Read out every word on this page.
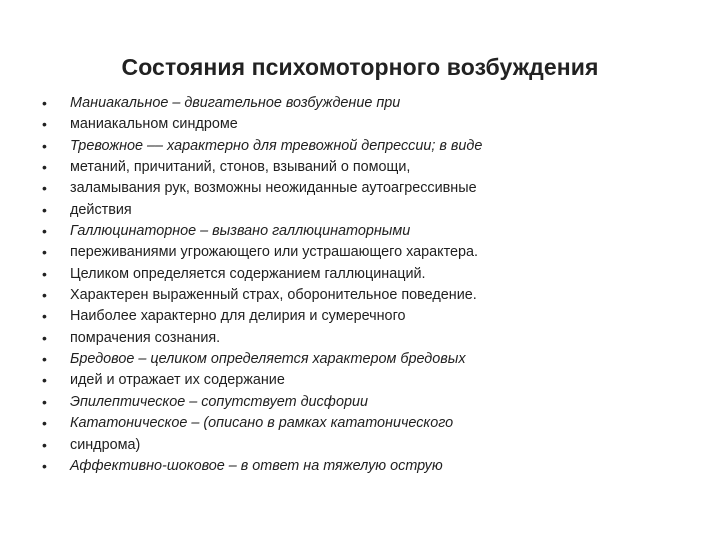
Состояния психомоторного возбуждения
•	Маниакальное – двигательное возбуждение при
•	маниакальном синдроме
•	Тревожное –– характерно для тревожной депрессии; в виде
•	метаний, причитаний, стонов, взываний о помощи,
•	заламывания рук, возможны неожиданные аутоагрессивные
•	действия
•	Галлюцинаторное – вызвано галлюцинаторными
•	переживаниями угрожающего или устрашающего характера.
•	Целиком определяется содержанием галлюцинаций.
•	Характерен выраженный страх, оборонительное поведение.
•	Наиболее характерно для делирия и сумеречного
•	помрачения сознания.
•	Бредовое – целиком определяется характером бредовых
•	идей и отражает их содержание
•	Эпилептическое – сопутствует дисфории
•	Кататоническое – (описано в рамках кататонического
•	синдрома)
•	Аффективно-шоковое – в ответ на тяжелую острую
